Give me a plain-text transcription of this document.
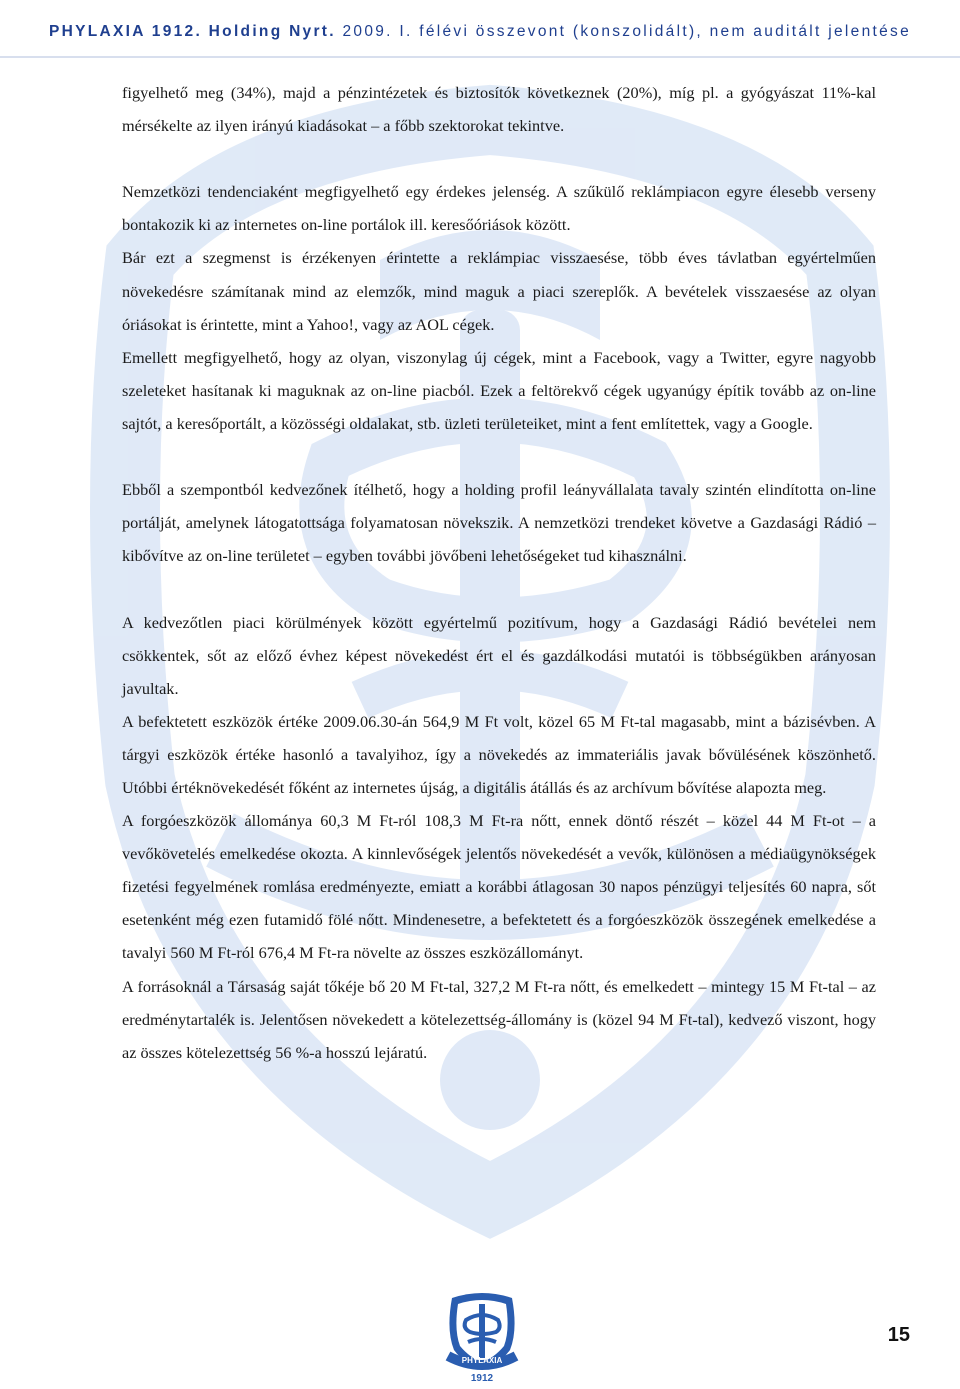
PHYLAXIA 1912. Holding Nyrt. 2009. I. félévi összevont (konszolidált), nem auditált jelentése

figyelhető meg (34%), majd a pénzintézetek és biztosítók következnek (20%), míg pl. a gyógyászat 11%-kal mérsékelte az ilyen irányú kiadásokat – a főbb szektorokat tekintve.

Nemzetközi tendenciaként megfigyelhető egy érdekes jelenség. A szűkülő reklámpiacon egyre élesebb verseny bontakozik ki az internetes on-line portálok ill. keresőóriások között.

Bár ezt a szegmenst is érzékenyen érintette a reklámpiac visszaesése, több éves távlatban egyértelműen növekedésre számítanak mind az elemzők, mind maguk a piaci szereplők. A bevételek visszaesése az olyan óriásokat is érintette, mint a Yahoo!, vagy az AOL cégek.

Emellett megfigyelhető, hogy az olyan, viszonylag új cégek, mint a Facebook, vagy a Twitter, egyre nagyobb szeleteket hasítanak ki maguknak az on-line piacból. Ezek a feltörekvő cégek ugyanúgy építik tovább az on-line sajtót, a keresőportált, a közösségi oldalakat, stb. üzleti területeiket, mint a fent említettek, vagy a Google.

Ebből a szempontból kedvezőnek ítélhető, hogy a holding profil leányvállalata tavaly szintén elindította on-line portálját, amelynek látogatottsága folyamatosan növekszik. A nemzetközi trendeket követve a Gazdasági Rádió – kibővítve az on-line területet – egyben további jövőbeni lehetőségeket tud kihasználni.

A kedvezőtlen piaci körülmények között egyértelmű pozitívum, hogy a Gazdasági Rádió bevételei nem csökkentek, sőt az előző évhez képest növekedést ért el és gazdálkodási mutatói is többségükben arányosan javultak.

A befektetett eszközök értéke 2009.06.30-án 564,9 M Ft volt, közel 65 M Ft-tal magasabb, mint a bázisévben. A tárgyi eszközök értéke hasonló a tavalyihoz, így a növekedés az immateriális javak bővülésének köszönhető. Utóbbi értéknövekedését főként az internetes újság, a digitális átállás és az archívum bővítése alapozta meg.

A forgóeszközök állománya 60,3 M Ft-ról 108,3 M Ft-ra nőtt, ennek döntő részét – közel 44 M Ft-ot – a vevőkövetelés emelkedése okozta. A kinnlevőségek jelentős növekedését a vevők, különösen a médiaügynökségek fizetési fegyelmének romlása eredményezte, emiatt a korábbi átlagosan 30 napos pénzügyi teljesítés 60 napra, sőt esetenként még ezen futamidő fölé nőtt. Mindenesetre, a befektetett és a forgóeszközök összegének emelkedése a tavalyi 560 M Ft-ról 676,4 M Ft-ra növelte az összes eszközállományt.

A forrásoknál a Társaság saját tőkéje bő 20 M Ft-tal, 327,2 M Ft-ra nőtt, és emelkedett – mintegy 15 M Ft-tal – az eredménytartalék is. Jelentősen növekedett a kötelezettség-állomány is (közel 94 M Ft-tal), kedvező viszont, hogy az összes kötelezettség 56 %-a hosszú lejáratú.

PHYLAXIA
1912
15
